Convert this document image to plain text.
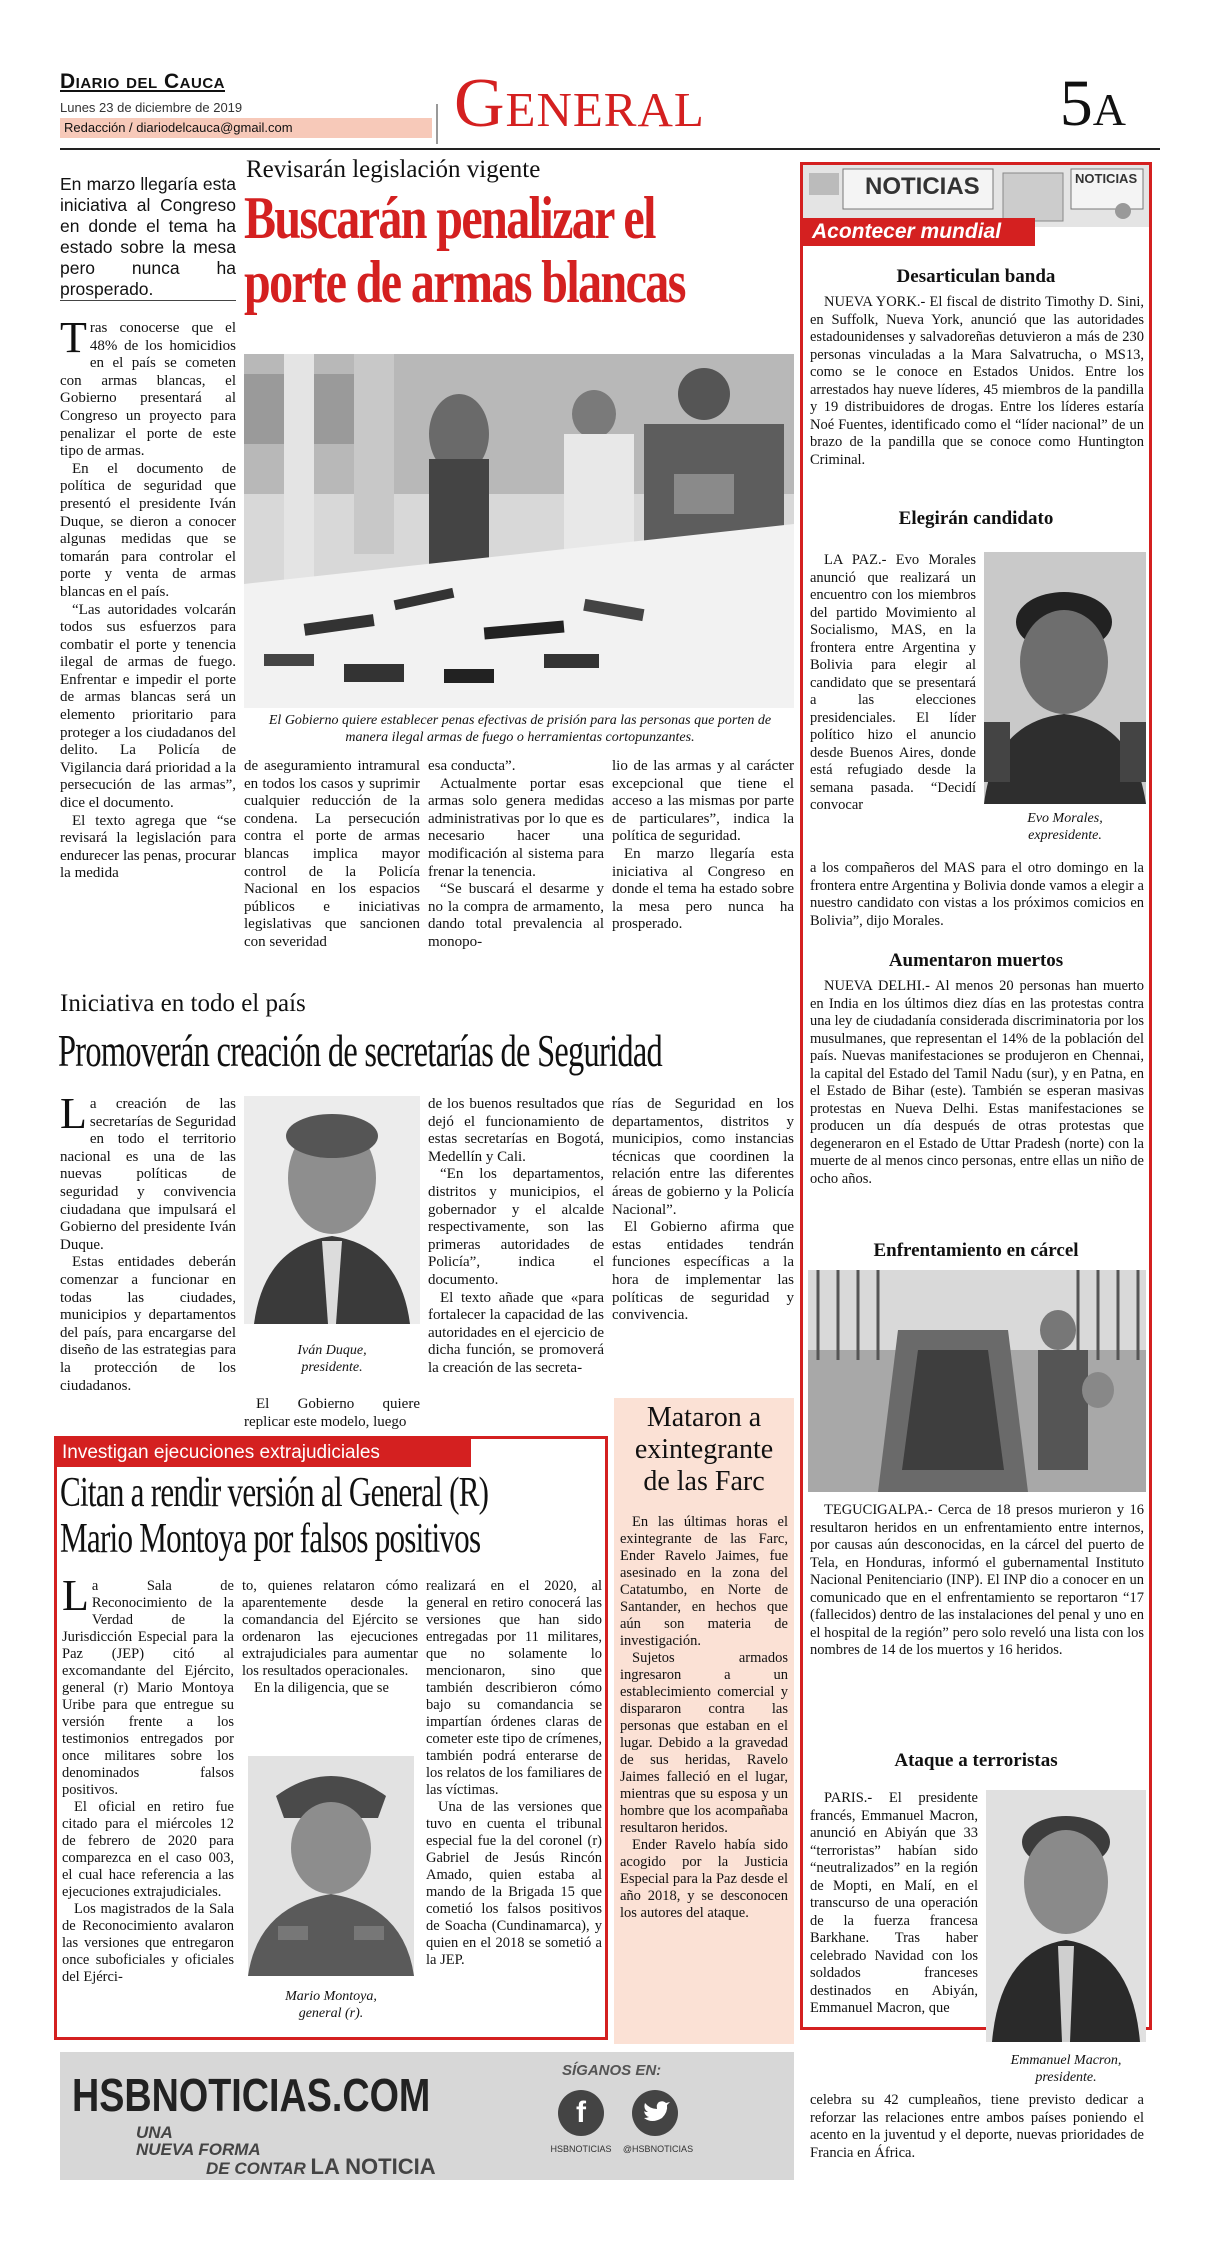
Diario del Cauca
Lunes 23 de diciembre de 2019
Redacción / diariodelcauca@gmail.com General	5A
En marzo llegaría esta iniciativa al Congreso en donde el tema ha estado sobre la mesa pero nunca ha prosperado.
Revisarán legislación vigente
Buscarán penalizar el
porte de armas blancas
El Gobierno quiere establecer penas efectivas de prisión para las personas que porten de manera ilegal armas de fuego o herramientas cortopunzantes.

Tras conocerse que el 48% de los homicidios en el país se cometen con armas blancas, el Gobierno presentará al Congreso un proyecto para penalizar el porte de este tipo de armas.

En el documento de política de seguridad que presentó el presidente Iván Duque, se dieron a conocer algunas medidas que se tomarán para controlar el porte y venta de armas blancas en el país.

“Las autoridades volcarán todos sus esfuerzos para combatir el porte y tenencia ilegal de armas de fuego. Enfrentar e impedir el porte de armas blancas será un elemento prioritario para proteger a los ciudadanos del delito. La Policía de Vigilancia dará prioridad a la persecución de las armas”, dice el documento.

El texto agrega que “se revisará la legislación para endurecer las penas, procurar la medida

de aseguramiento intramural en todos los casos y suprimir cualquier reducción de la condena. La persecución contra el porte de armas blancas implica mayor control de la Policía Nacional en los espacios públicos e iniciativas legislativas que sancionen con severidad

esa conducta”.

Actualmente portar esas armas solo genera medidas administrativas por lo que es necesario hacer una modificación al sistema para frenar la tenencia.

“Se buscará el desarme y no la compra de armamento, dando total prevalencia al monopo-

lio de las armas y al carácter excepcional que tiene el acceso a las mismas por parte de particulares”, indica la política de seguridad.

En marzo llegaría esta iniciativa al Congreso en donde el tema ha estado sobre la mesa pero nunca ha prosperado.

Iniciativa en todo el país
Promoverán creación de secretarías de Seguridad

La creación de las secretarías de Seguridad en todo el territorio nacional es una de las nuevas políticas de seguridad y convivencia ciudadana que impulsará el Gobierno del presidente Iván Duque.

Estas entidades deberán comenzar a funcionar en todas las ciudades, municipios y departamentos del país, para encargarse del diseño de las estrategias para la protección de los ciudadanos.

Iván Duque,
presidente.

El Gobierno quiere replicar este modelo, luego

de los buenos resultados que dejó el funcionamiento de estas secretarías en Bogotá, Medellín y Cali.

“En los departamentos, distritos y municipios, el gobernador y el alcalde respectivamente, son las primeras autoridades de Policía”, indica el documento.

El texto añade que «para fortalecer la capacidad de las autoridades en el ejercicio de dicha función, se promoverá la creación de las secreta-

rías de Seguridad en los departamentos, distritos y municipios, como instancias técnicas que coordinen la relación entre las diferentes áreas de gobierno y la Policía Nacional”.

El Gobierno afirma que estas entidades tendrán funciones específicas a la hora de implementar las políticas de seguridad y convivencia.

Investigan ejecuciones extrajudiciales
Citan a rendir versión al General (R)
Mario Montoya por falsos positivos

La Sala de Reconocimiento de la Verdad de la Jurisdicción Especial para la Paz (JEP) citó al excomandante del Ejército, general (r) Mario Montoya Uribe para que entregue su versión frente a los testimonios entregados por once militares sobre los denominados falsos positivos.

El oficial en retiro fue citado para el miércoles 12 de febrero de 2020 para comparezca en el caso 003, el cual hace referencia a las ejecuciones extrajudiciales.

Los magistrados de la Sala de Reconocimiento avalaron las versiones que entregaron once suboficiales y oficiales del Ejérci-

to, quienes relataron cómo aparentemente desde la comandancia del Ejército se ordenaron las ejecuciones extrajudiciales para aumentar los resultados operacionales.

En la diligencia, que se

Mario Montoya,
general (r).

realizará en el 2020, al general en retiro conocerá las versiones que han sido entregadas por 11 militares, que no solamente lo mencionaron, sino que también describieron cómo bajo su comandancia se impartían órdenes claras de cometer este tipo de crímenes, también podrá enterarse de los relatos de los familiares de las víctimas.

Una de las versiones que tuvo en cuenta el tribunal especial fue la del coronel (r) Gabriel de Jesús Rincón Amado, quien estaba al mando de la Brigada 15 que cometió los falsos positivos de Soacha (Cundinamarca), y quien en el 2018 se sometió a la JEP.

Mataron a
exintegrante
de las Farc

En las últimas horas el exintegrante de las Farc, Ender Ravelo Jaimes, fue asesinado en la zona del Catatumbo, en Norte de Santander, en hechos que aún son materia de investigación.

Sujetos armados ingresaron a un establecimiento comercial y dispararon contra las personas que estaban en el lugar. Debido a la gravedad de sus heridas, Ravelo Jaimes falleció en el lugar, mientras que su esposa y un hombre que los acompañaba resultaron heridos.

Ender Ravelo había sido acogido por la Justicia Especial para la Paz desde el año 2018, y se desconocen los autores del ataque.

NOTICIAS	NOTICIAS
Acontecer mundial
Desarticulan banda

NUEVA YORK.- El fiscal de distrito Timothy D. Sini, en Suffolk, Nueva York, anunció que las autoridades estadounidenses y salvadoreñas detuvieron a más de 230 personas vinculadas a la Mara Salvatrucha, o MS13, como se le conoce en Estados Unidos. Entre los arrestados hay nueve líderes, 45 miembros de la pandilla y 19 distribuidores de drogas. Entre los líderes estaría Noé Fuentes, identificado como el “líder nacional” de un brazo de la pandilla que se conoce como Huntington Criminal.

Elegirán candidato

LA PAZ.- Evo Morales anunció que realizará un encuentro con los miembros del partido Movimiento al Socialismo, MAS, en la frontera entre Argentina y Bolivia para elegir al candidato que se presentará a las elecciones presidenciales. El líder político hizo el anuncio desde Buenos Aires, donde está refugiado desde la semana pasada. “Decidí convocar

Evo Morales,
expresidente.

a los compañeros del MAS para el otro domingo en la frontera entre Argentina y Bolivia donde vamos a elegir a nuestro candidato con vistas a los próximos comicios en Bolivia”, dijo Morales.

Aumentaron muertos

NUEVA DELHI.- Al menos 20 personas han muerto en India en los últimos diez días en las protestas contra una ley de ciudadanía considerada discriminatoria por los musulmanes, que representan el 14% de la población del país. Nuevas manifestaciones se produjeron en Chennai, la capital del Estado del Tamil Nadu (sur), y en Patna, en el Estado de Bihar (este). También se esperan masivas protestas en Nueva Delhi. Estas manifestaciones se producen un día después de otras protestas que degeneraron en el Estado de Uttar Pradesh (norte) con la muerte de al menos cinco personas, entre ellas un niño de ocho años.

Enfrentamiento en cárcel

TEGUCIGALPA.- Cerca de 18 presos murieron y 16 resultaron heridos en un enfrentamiento entre internos, por causas aún desconocidas, en la cárcel del puerto de Tela, en Honduras, informó el gubernamental Instituto Nacional Penitenciario (INP). El INP dio a conocer en un comunicado que en el enfrentamiento se reportaron “17 (fallecidos) dentro de las instalaciones del penal y uno en el hospital de la región” pero solo reveló una lista con los nombres de 14 de los muertos y 16 heridos.

Ataque a terroristas

PARIS.- El presidente francés, Emmanuel Macron, anunció en Abiyán que 33 “terroristas” habían sido “neutralizados” en la región de Mopti, en Malí, en el transcurso de una operación de la fuerza francesa Barkhane. Tras haber celebrado Navidad con los soldados franceses destinados en Abiyán, Emmanuel Macron, que

Emmanuel Macron,
presidente.

celebra su 42 cumpleaños, tiene previsto dedicar a reforzar las relaciones entre ambos países poniendo el acento en la juventud y el deporte, nuevas prioridades de Francia en África.

HSBNOTICIAS.COM
UNA
NUEVA FORMA
DE CONTAR LA NOTICIA
SÍGANOS EN:
f
HSBNOTICIAS	@HSBNOTICIAS
